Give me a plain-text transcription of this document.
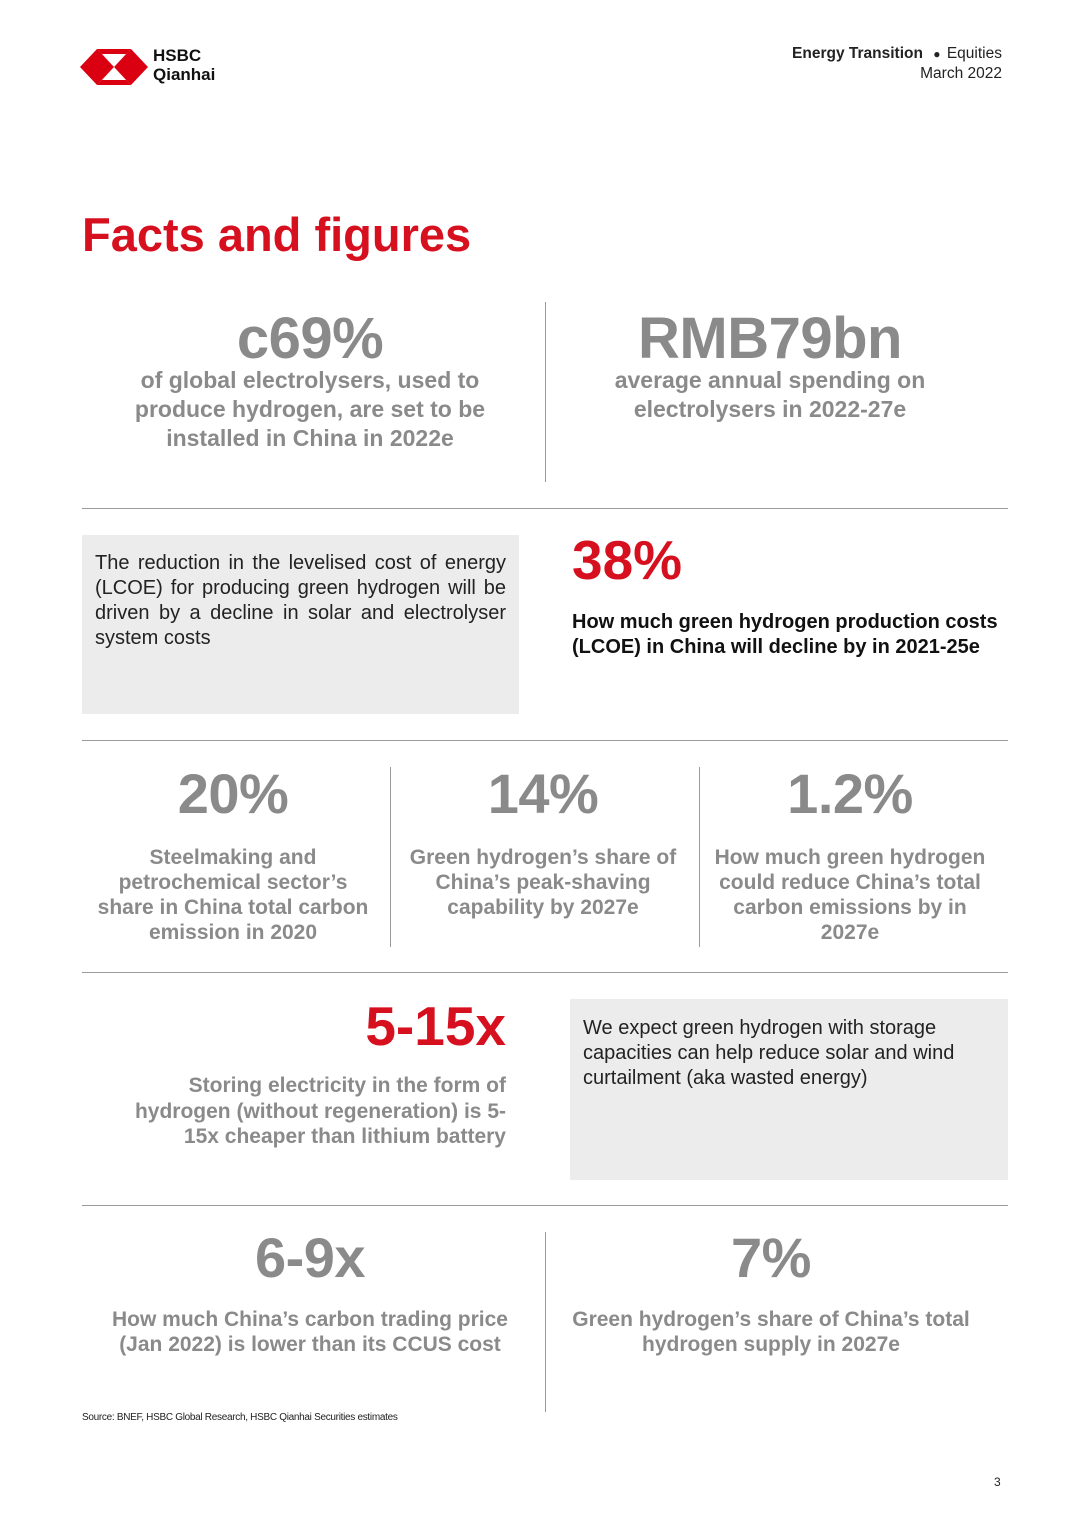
HSBC
Qianhai
Energy Transition ● Equities
March 2022
Facts and figures
c69%
of global electrolysers, used to produce hydrogen, are set to be installed in China in 2022e
RMB79bn
average annual spending on electrolysers in 2022-27e
The reduction in the levelised cost of energy (LCOE) for producing green hydrogen will be driven by a decline in solar and electrolyser system costs
38%
How much green hydrogen production costs (LCOE) in China will decline by in 2021-25e
20%
Steelmaking and petrochemical sector’s share in China total carbon emission in 2020
14%
Green hydrogen’s share of China’s peak-shaving capability by 2027e
1.2%
How much green hydrogen could reduce China’s total carbon emissions by in 2027e
5-15x
Storing electricity in the form of hydrogen (without regeneration) is 5-15x cheaper than lithium battery
We expect green hydrogen with storage capacities can help reduce solar and wind curtailment (aka wasted energy)
6-9x
How much China’s carbon trading price (Jan 2022) is lower than its CCUS cost
7%
Green hydrogen’s share of China’s total hydrogen supply in 2027e
Source: BNEF, HSBC Global Research, HSBC Qianhai Securities estimates
3
